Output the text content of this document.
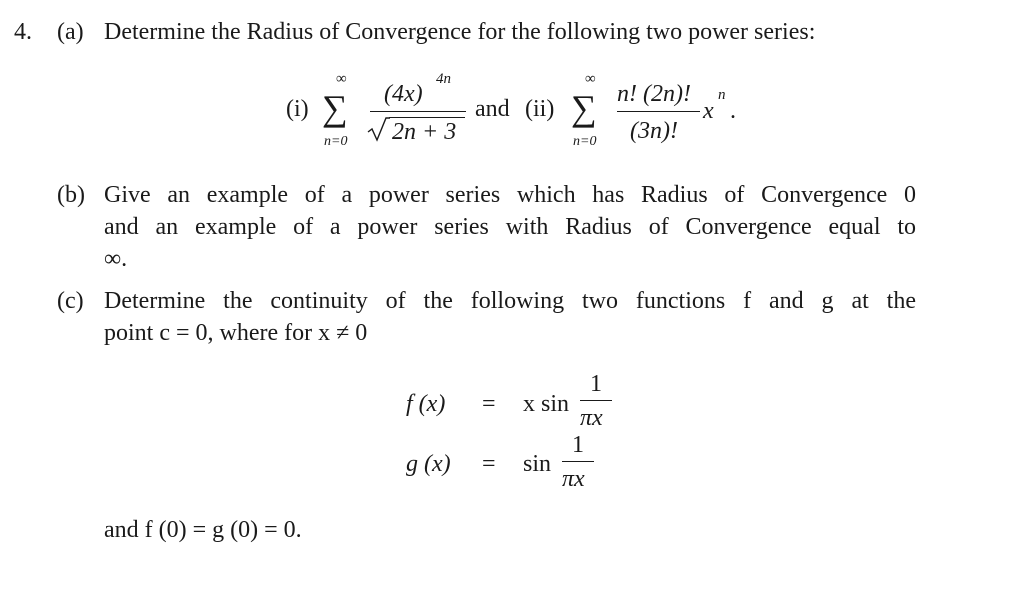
4. (a) Determine the Radius of Convergence for the following two power series:
(i)
∞
∑
n=0
(4x)
4n
2n + 3
and (ii)
∞
∑
n=0
n! (2n)!
(3n)!
x
n
.
(b) Give an example of a power series which has Radius of Convergence 0
and an example of a power series with Radius of Convergence equal to
∞.
(c) Determine the continuity of the following two functions f and g at the
point c = 0, where for x ≠ 0
f (x) = x sin
1
πx
g (x) = sin
1
πx
and f (0) = g (0) = 0.
